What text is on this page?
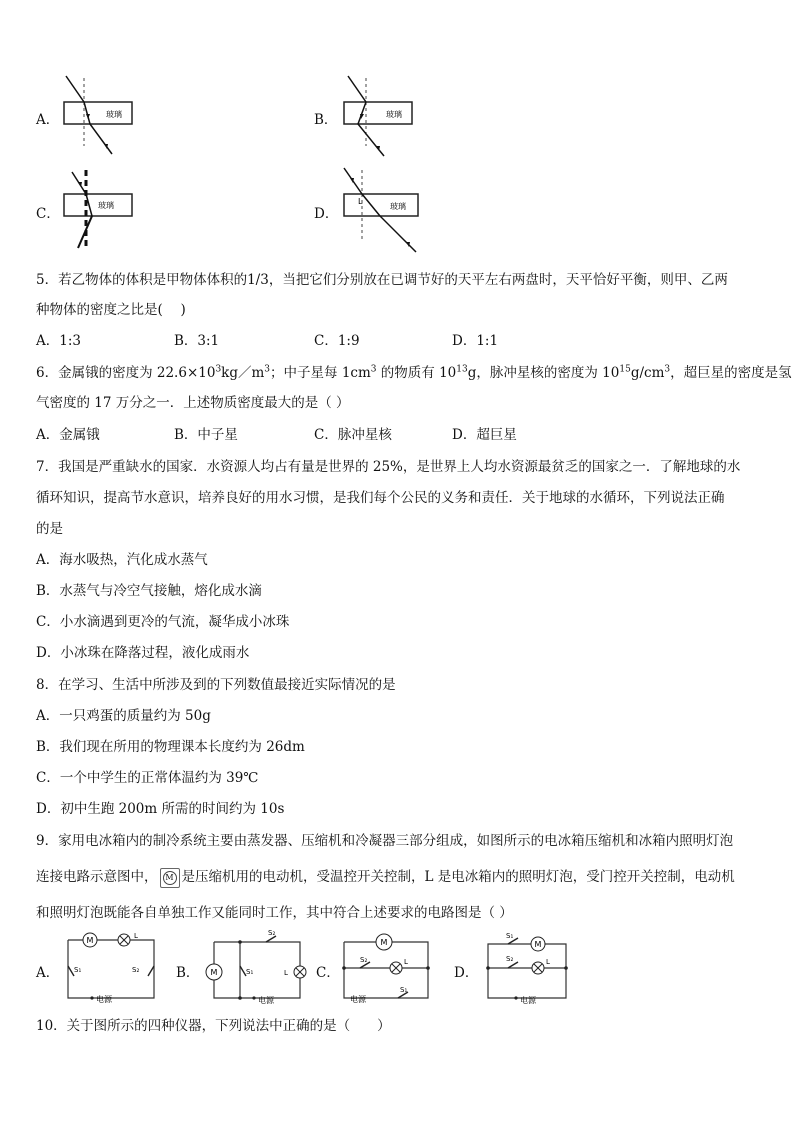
A．	玻璃	B．	玻璃
C．
玻璃
D．
L
玻璃
5．若乙物体的体积是甲物体体积的1/3，当把它们分别放在已调节好的天平左右两盘时，天平恰好平衡，则甲、乙两
种物体的密度之比是(　 )
A．1:3	B．3:1	C．1:9	D．1:1
6．金属锇的密度为 $22.6\times 10^3kg/m^3$；中子星每 $1cm^3$ 的物质有 $10^{13}g$，脉冲星核的密度为 $10^{15}g/cm^3$，超巨星的密度是氢
气密度的 17 万分之一．上述物质密度最大的是（ ）
A．金属锇	B．中子星	C．脉冲星核	D．超巨星
7．我国是严重缺水的国家．水资源人均占有量是世界的 25%，是世界上人均水资源最贫乏的国家之一．了解地球的水
循环知识，提高节水意识，培养良好的用水习惯，是我们每个公民的义务和责任．关于地球的水循环，下列说法正确
的是
A．海水吸热，汽化成水蒸气
B．水蒸气与冷空气接触，熔化成水滴
C．小水滴遇到更冷的气流，凝华成小冰珠
D．小冰珠在降落过程，液化成雨水
8．在学习、生活中所涉及到的下列数值最接近实际情况的是
A．一只鸡蛋的质量约为 50g
B．我们现在所用的物理课本长度约为 26dm
C．一个中学生的正常体温约为 39℃
D．初中生跑 200m 所需的时间约为 10s
9．家用电冰箱内的制冷系统主要由蒸发器、压缩机和冷凝器三部分组成，如图所示的电冰箱压缩机和冰箱内照明灯泡
连接电路示意图中， M 是压缩机用的电动机，受温控开关控制，L 是电冰箱内的照明灯泡，受门控开关控制，电动机
和照明灯泡既能各自单独工作又能同时工作，其中符合上述要求的电路图是（ ）
A．
M	L
S₁	S₂
电源
B． M	L
S₂
S₁
电源
C．
M
S₂	L
电源
S₁
D．
S₁
M
S₂	L
电源
10．关于图所示的四种仪器，下列说法中正确的是（　　）
